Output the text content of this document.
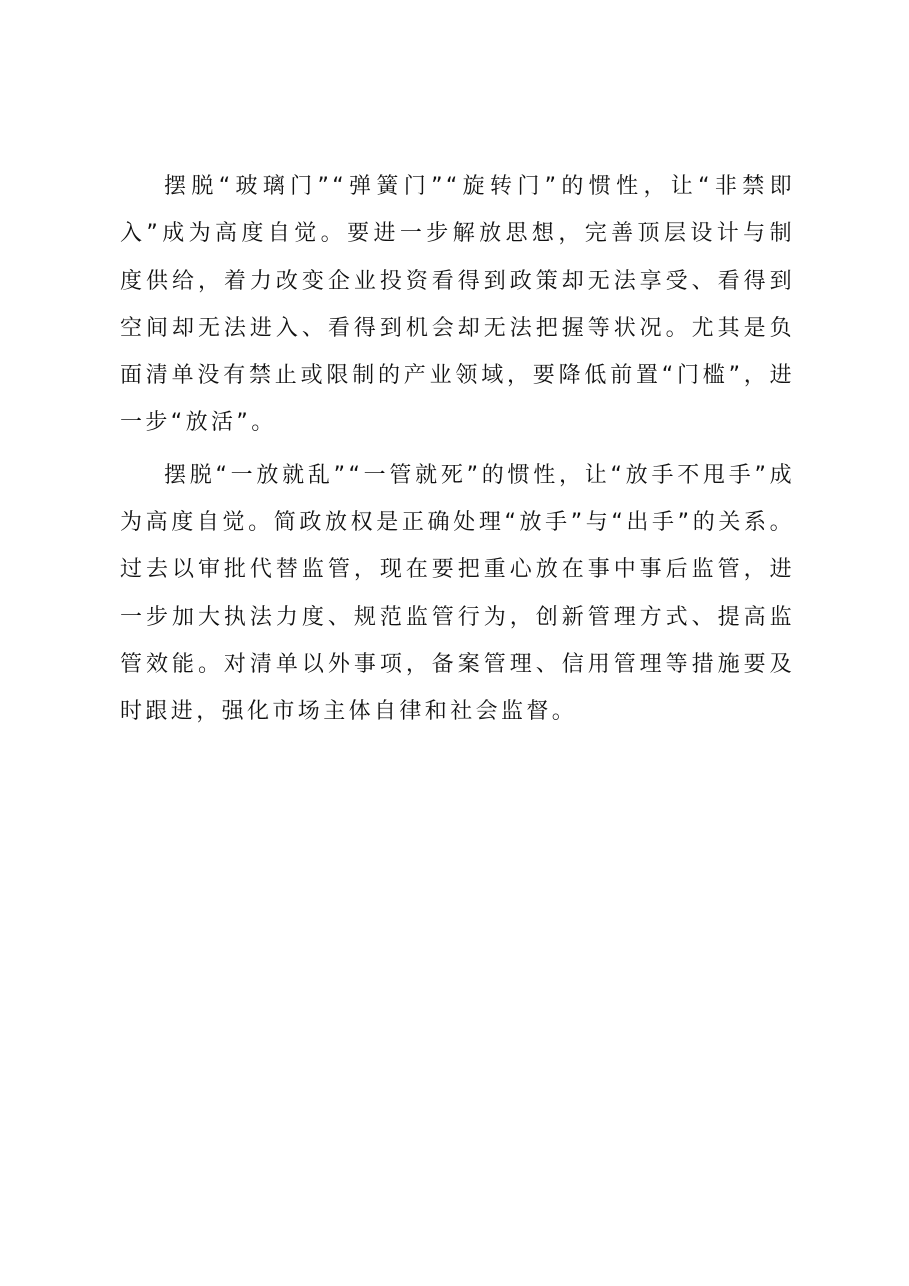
摆脱“玻璃门”“弹簧门”“旋转门”的惯性，让“非禁即入”成为高度自觉。要进一步解放思想，完善顶层设计与制度供给，着力改变企业投资看得到政策却无法享受、看得到空间却无法进入、看得到机会却无法把握等状况。尤其是负面清单没有禁止或限制的产业领域，要降低前置“门槛”，进一步“放活”。

摆脱“一放就乱”“一管就死”的惯性，让“放手不甩手”成为高度自觉。简政放权是正确处理“放手”与“出手”的关系。过去以审批代替监管，现在要把重心放在事中事后监管，进一步加大执法力度、规范监管行为，创新管理方式、提高监管效能。对清单以外事项，备案管理、信用管理等措施要及时跟进，强化市场主体自律和社会监督。
